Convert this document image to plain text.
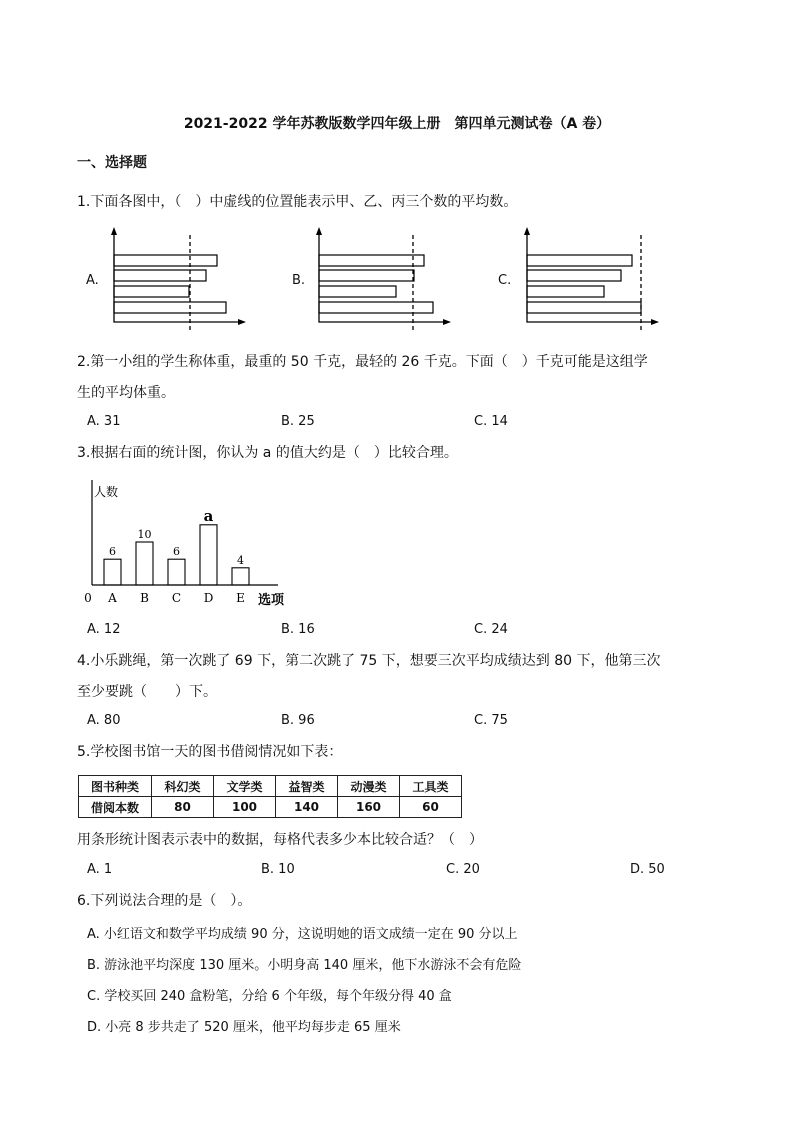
2021-2022 学年苏教版数学四年级上册　第四单元测试卷（A 卷）
一、选择题
1.下面各图中，（　）中虚线的位置能表示甲、乙、丙三个数的平均数。
A.	B.	C.
2.第一小组的学生称体重，最重的 50 千克，最轻的 26 千克。下面（　）千克可能是这组学
生的平均体重。
A. 31	B. 25	C. 14
3.根据右面的统计图，你认为 a 的值大约是（　）比较合理。
人数
0	选项
6
A
10
B
6
C
a
D
4
E
A. 12	B. 16	C. 24
4.小乐跳绳，第一次跳了 69 下，第二次跳了 75 下，想要三次平均成绩达到 80 下，他第三次
至少要跳（　　）下。
A. 80	B. 96	C. 75
5.学校图书馆一天的图书借阅情况如下表：
图书种类	科幻类	文学类	益智类	动漫类	工具类
借阅本数	80	100	140	160	60
用条形统计图表示表中的数据，每格代表多少本比较合适？（　）
A. 1	B. 10	C. 20	D. 50
6.下列说法合理的是（　）。
A. 小红语文和数学平均成绩 90 分，这说明她的语文成绩一定在 90 分以上
B. 游泳池平均深度 130 厘米。小明身高 140 厘米，他下水游泳不会有危险
C. 学校买回 240 盒粉笔，分给 6 个年级，每个年级分得 40 盒
D. 小亮 8 步共走了 520 厘米，他平均每步走 65 厘米
